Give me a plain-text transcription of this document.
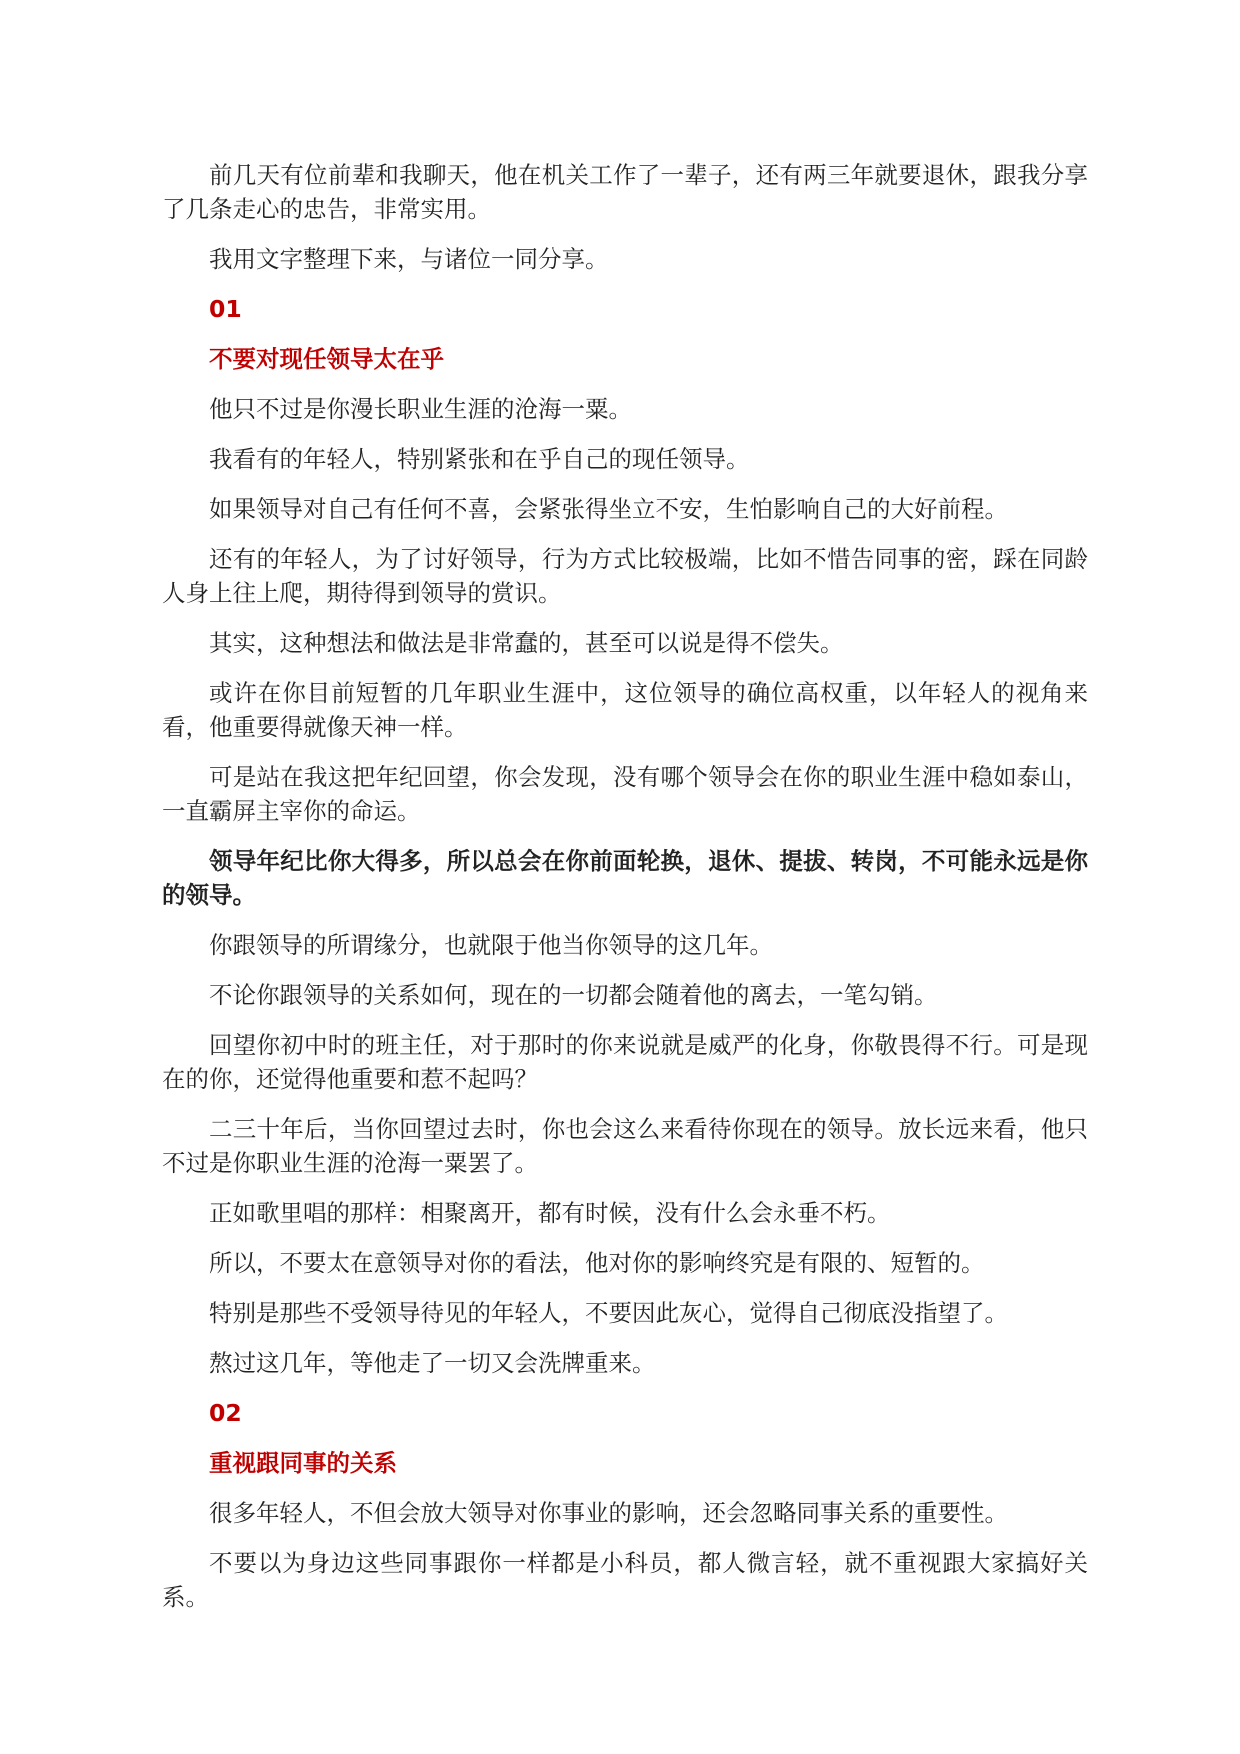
前几天有位前辈和我聊天，他在机关工作了一辈子，还有两三年就要退休，跟我分享了几条走心的忠告，非常实用。

我用文字整理下来，与诸位一同分享。

01

不要对现任领导太在乎

他只不过是你漫长职业生涯的沧海一粟。

我看有的年轻人，特别紧张和在乎自己的现任领导。

如果领导对自己有任何不喜，会紧张得坐立不安，生怕影响自己的大好前程。

还有的年轻人，为了讨好领导，行为方式比较极端，比如不惜告同事的密，踩在同龄人身上往上爬，期待得到领导的赏识。

其实，这种想法和做法是非常蠢的，甚至可以说是得不偿失。

或许在你目前短暂的几年职业生涯中，这位领导的确位高权重，以年轻人的视角来看，他重要得就像天神一样。

可是站在我这把年纪回望，你会发现，没有哪个领导会在你的职业生涯中稳如泰山，一直霸屏主宰你的命运。

领导年纪比你大得多，所以总会在你前面轮换，退休、提拔、转岗，不可能永远是你的领导。

你跟领导的所谓缘分，也就限于他当你领导的这几年。

不论你跟领导的关系如何，现在的一切都会随着他的离去，一笔勾销。

回望你初中时的班主任，对于那时的你来说就是威严的化身，你敬畏得不行。可是现在的你，还觉得他重要和惹不起吗？

二三十年后，当你回望过去时，你也会这么来看待你现在的领导。放长远来看，他只不过是你职业生涯的沧海一粟罢了。

正如歌里唱的那样：相聚离开，都有时候，没有什么会永垂不朽。

所以，不要太在意领导对你的看法，他对你的影响终究是有限的、短暂的。

特别是那些不受领导待见的年轻人，不要因此灰心，觉得自己彻底没指望了。

熬过这几年，等他走了一切又会洗牌重来。

02

重视跟同事的关系

很多年轻人，不但会放大领导对你事业的影响，还会忽略同事关系的重要性。

不要以为身边这些同事跟你一样都是小科员，都人微言轻，就不重视跟大家搞好关系。
